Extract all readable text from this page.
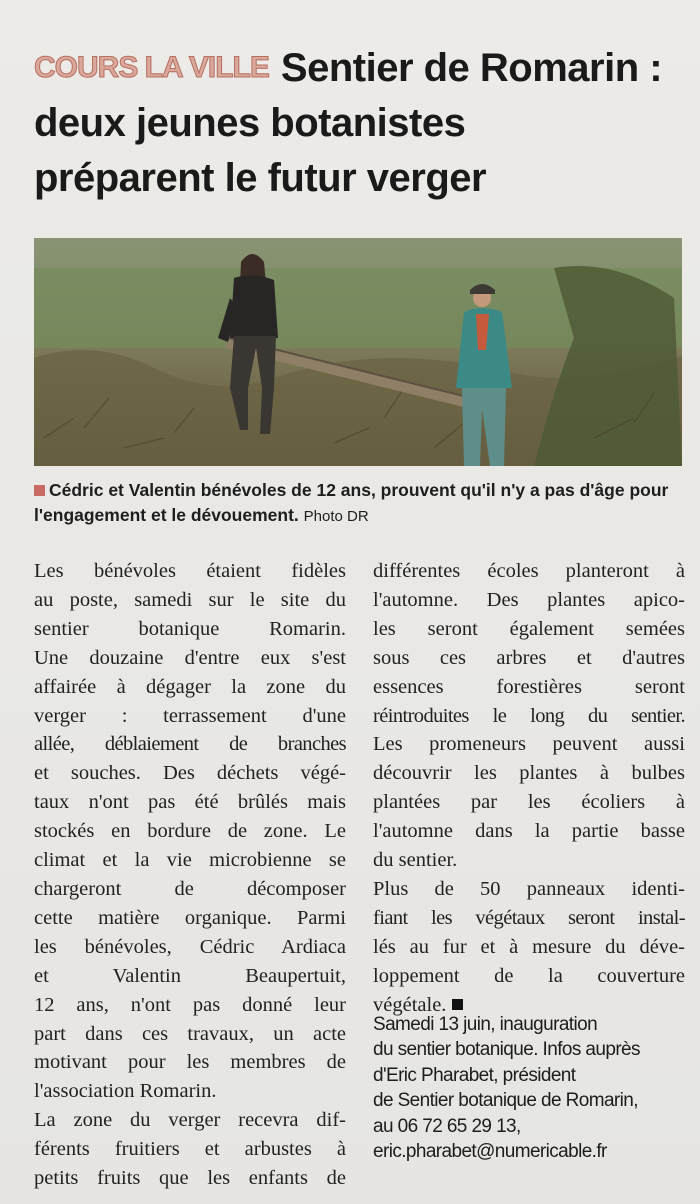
COURS LA VILLE Sentier de Romarin :
deux jeunes botanistes
préparent le futur verger
Cédric et Valentin bénévoles de 12 ans, prouvent qu'il n'y a pas d'âge pour l'engagement et le dévouement. Photo DR
Les bénévoles étaient fidèles
au poste, samedi sur le site du
sentier botanique Romarin.
Une douzaine d'entre eux s'est
affairée à dégager la zone du
verger : terrassement d'une
allée, déblaiement de branches
et souches. Des déchets végé-
taux n'ont pas été brûlés mais
stockés en bordure de zone. Le
climat et la vie microbienne se
chargeront de décomposer
cette matière organique. Parmi
les bénévoles, Cédric Ardiaca
et Valentin Beaupertuit,
12 ans, n'ont pas donné leur
part dans ces travaux, un acte
motivant pour les membres de
l'association Romarin.
La zone du verger recevra dif-
férents fruitiers et arbustes à
petits fruits que les enfants de
différentes écoles planteront à
l'automne. Des plantes apico-
les seront également semées
sous ces arbres et d'autres
essences forestières seront
réintroduites le long du sentier.
Les promeneurs peuvent aussi
découvrir les plantes à bulbes
plantées par les écoliers à
l'automne dans la partie basse
du sentier.
Plus de 50 panneaux identi-
fiant les végétaux seront instal-
lés au fur et à mesure du déve-
loppement de la couverture
végétale.
Samedi 13 juin, inauguration
du sentier botanique. Infos auprès
d'Eric Pharabet, président
de Sentier botanique de Romarin,
au 06 72 65 29 13,
eric.pharabet@numericable.fr
